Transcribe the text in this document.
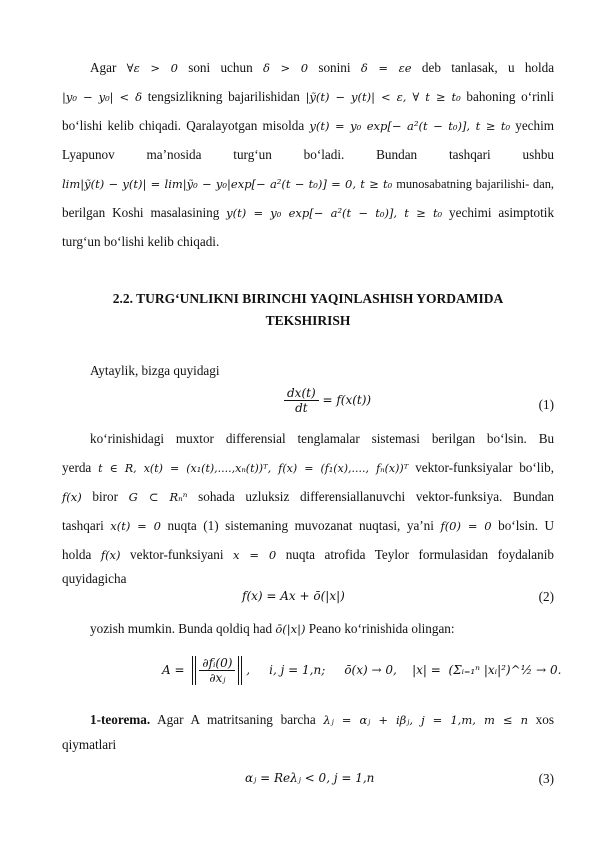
Agar ∀ε > 0 soni uchun δ > 0 sonini δ = εe deb tanlasak, u holda
|y₀ − y₀| < δ tengsizlikning bajarilishidan |ỹ(t) − y(t)| < ε, ∀ t ≥ t₀ bahoning o‘rinli
bo‘lishi kelib chiqadi. Qaralayotgan misolda y(t) = y₀ exp[− a²(t − t₀)], t ≥ t₀ yechim
Lyapunov ma’nosida turg‘un bo‘ladi. Bundan tashqari ushbu
lim|ỹ(t) − y(t)| = lim|ỹ₀ − y₀|exp[− a²(t − t₀)] = 0, t ≥ t₀ munosabatning bajarilishi- dan,
berilgan Koshi masalasining y(t) = y₀ exp[− a²(t − t₀)], t ≥ t₀ yechimi asimptotik
turg‘un bo‘lishi kelib chiqadi.
2.2. TURG‘UNLIKNI BIRINCHI YAQINLASHISH YORDAMIDA
TEKSHIRISH
Aytaylik, bizga quyidagi
$\frac{dx(t)}{dt} = f(x(t))$	(1)
ko‘rinishidagi muxtor differensial tenglamalar sistemasi berilgan bo‘lsin. Bu
yerda t ∈ R, x(t) = (x₁(t),....,xₙ(t))ᵀ, f(x) = (f₁(x),...., fₙ(x))ᵀ vektor-funksiyalar bo‘lib,
f(x) biror G ⊂ Rₙⁿ sohada uzluksiz differensiallanuvchi vektor-funksiya. Bundan
tashqari x(t) = 0 nuqta (1) sistemaning muvozanat nuqtasi, ya’ni f(0) = 0 bo‘lsin. U
holda f(x) vektor-funksiyani x = 0 nuqta atrofida Teylor formulasidan foydalanib
quyidagicha
f(x) = Ax + ō(|x|)	(2)
yozish mumkin. Bunda qoldiq had ō(|x|) Peano ko‘rinishida olingan:
$A = \frac{\text{∂fᵢ(0)}}{\text{∂xⱼ}}$ ,     i, j = 1,n;     ō(x) → 0,    |x| =  (Σᵢ₌₁ⁿ |xᵢ|²)^½ → 0.
1-teorema. Agar A matritsaning barcha λⱼ = αⱼ + iβⱼ, j = 1,m, m ≤ n xos
qiymatlari
αⱼ = Reλⱼ < 0, j = 1,n	(3)
